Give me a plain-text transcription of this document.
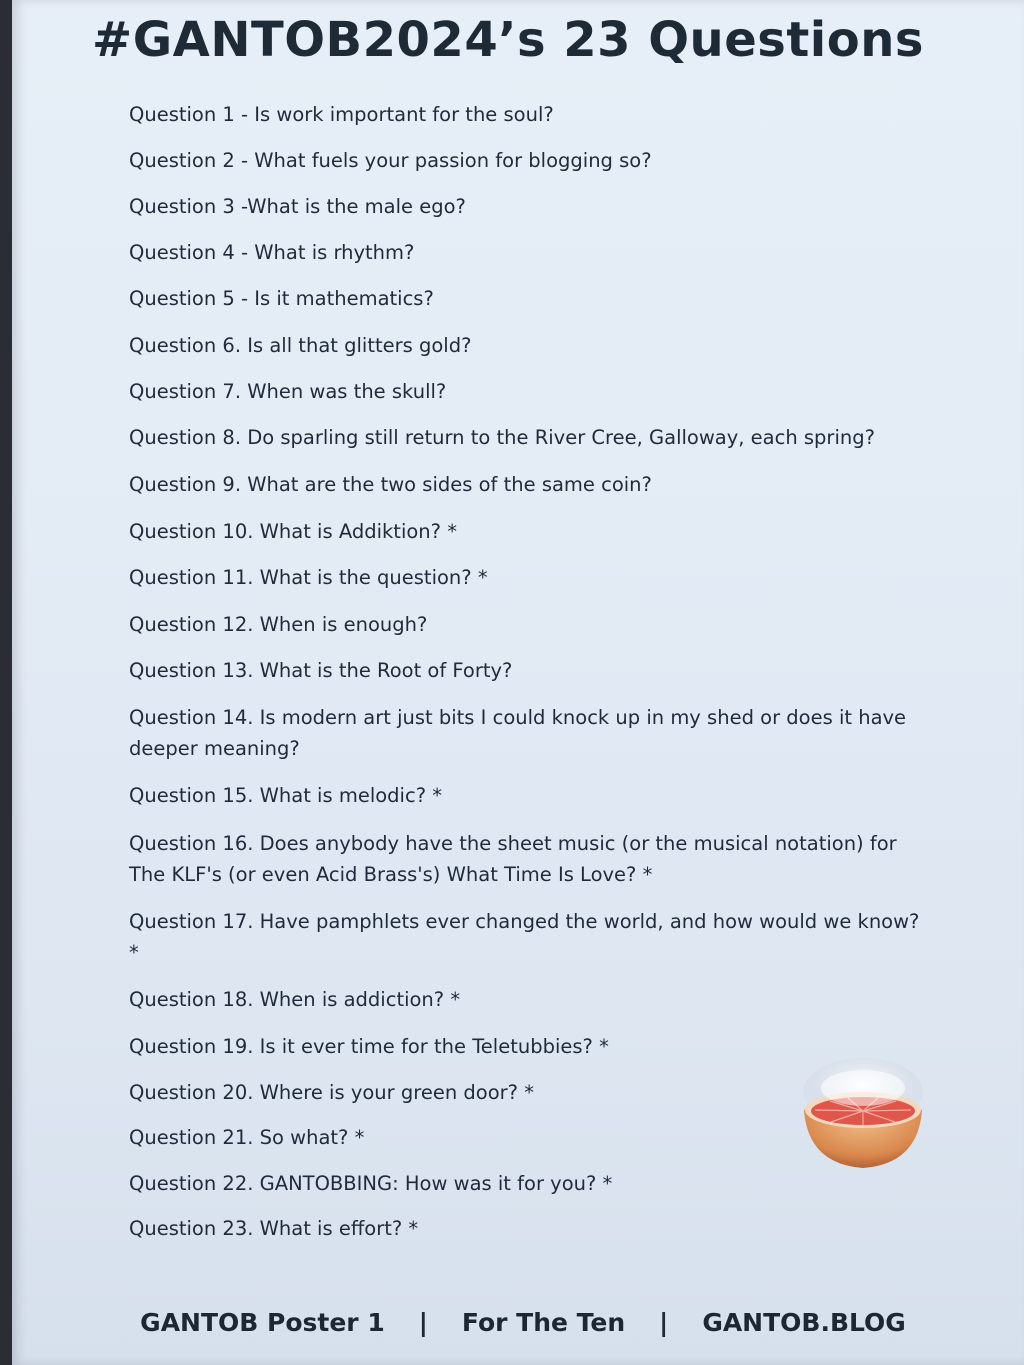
#GANTOB2024’s 23 Questions
Question 1 - Is work important for the soul?
Question 2 - What fuels your passion for blogging so?
Question 3 -What is the male ego?
Question 4 - What is rhythm?
Question 5 - Is it mathematics?
Question 6. Is all that glitters gold?
Question 7. When was the skull?
Question 8. Do sparling still return to the River Cree, Galloway, each spring?
Question 9. What are the two sides of the same coin?
Question 10. What is Addiktion? *
Question 11. What is the question? *
Question 12. When is enough?
Question 13. What is the Root of Forty?
Question 14. Is modern art just bits I could knock up in my shed or does it have deeper meaning?
Question 15. What is melodic? *
Question 16. Does anybody have the sheet music (or the musical notation) for The KLF's (or even Acid Brass's) What Time Is Love? *
Question 17. Have pamphlets ever changed the world, and how would we know? *
Question 18. When is addiction? *
Question 19. Is it ever time for the Teletubbies? *
Question 20. Where is your green door? *
Question 21. So what? *
Question 22. GANTOBBING: How was it for you? *
Question 23. What is effort? *
GANTOB Poster 1 | For The Ten | GANTOB.BLOG
